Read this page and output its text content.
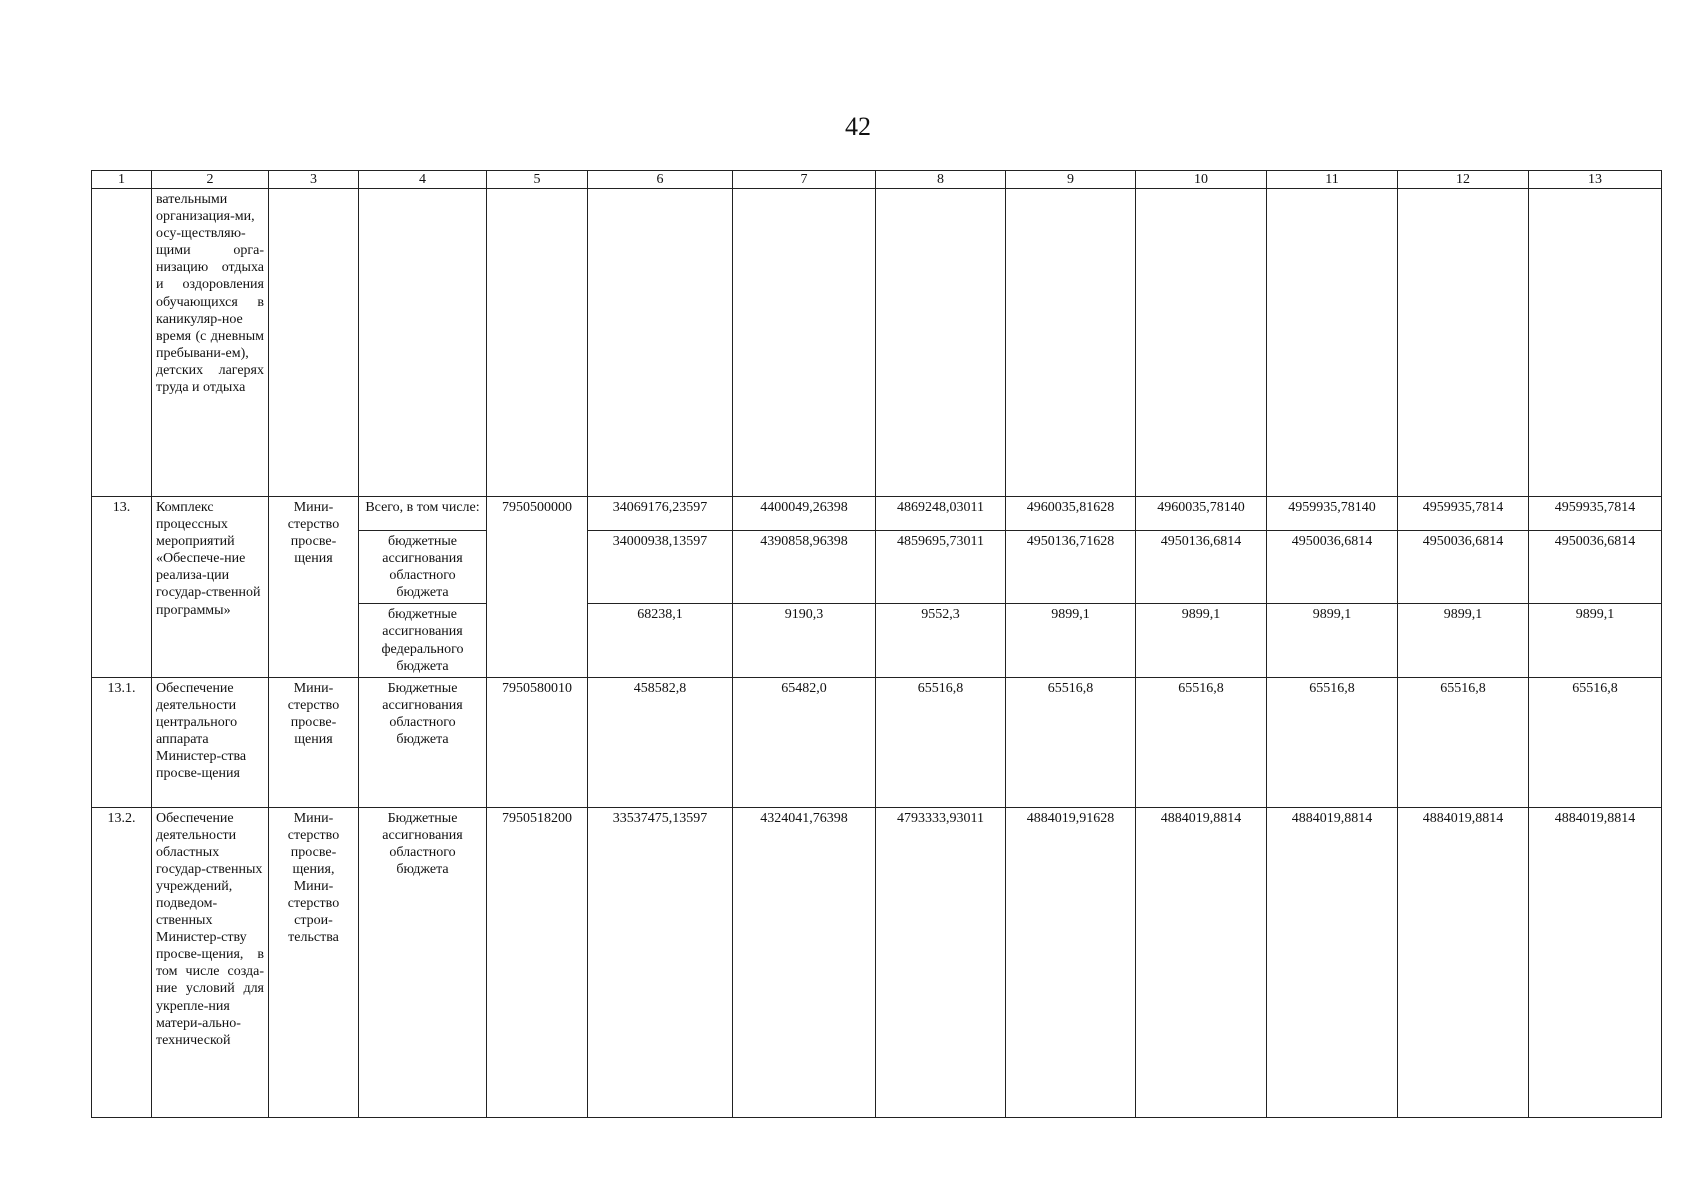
42
1	2	3	4	5	6	7	8	9	10	11	12	13
	вательными организация-ми, осу-ществляю-щими орга-низацию отдыха и оздоровления обучающихся в каникуляр-ное время (с дневным пребывани-ем), детских лагерях труда и отдыха											
13.	Комплекс процессных мероприятий «Обеспече-ние реализа-ции государ-ственной программы»	Мини-стерство просве-щения	Всего, в том числе:	7950500000	34069176,23597	4400049,26398	4869248,03011	4960035,81628	4960035,78140	4959935,78140	4959935,7814	4959935,7814
			бюджетные ассигнования областного бюджета		34000938,13597	4390858,96398	4859695,73011	4950136,71628	4950136,6814	4950036,6814	4950036,6814	4950036,6814
			бюджетные ассигнования федерального бюджета		68238,1	9190,3	9552,3	9899,1	9899,1	9899,1	9899,1	9899,1
13.1.	Обеспечение деятельности центрального аппарата Министер-ства просве-щения	Мини-стерство просве-щения	Бюджетные ассигнования областного бюджета	7950580010	458582,8	65482,0	65516,8	65516,8	65516,8	65516,8	65516,8	65516,8
13.2.	Обеспечение деятельности областных государ-ственных учреждений, подведом-ственных Министер-ству просве-щения, в том числе созда-ние условий для укрепле-ния матери-ально-технической	Мини-стерство просве-щения, Мини-стерство строи-тельства	Бюджетные ассигнования областного бюджета	7950518200	33537475,13597	4324041,76398	4793333,93011	4884019,91628	4884019,8814	4884019,8814	4884019,8814	4884019,8814
